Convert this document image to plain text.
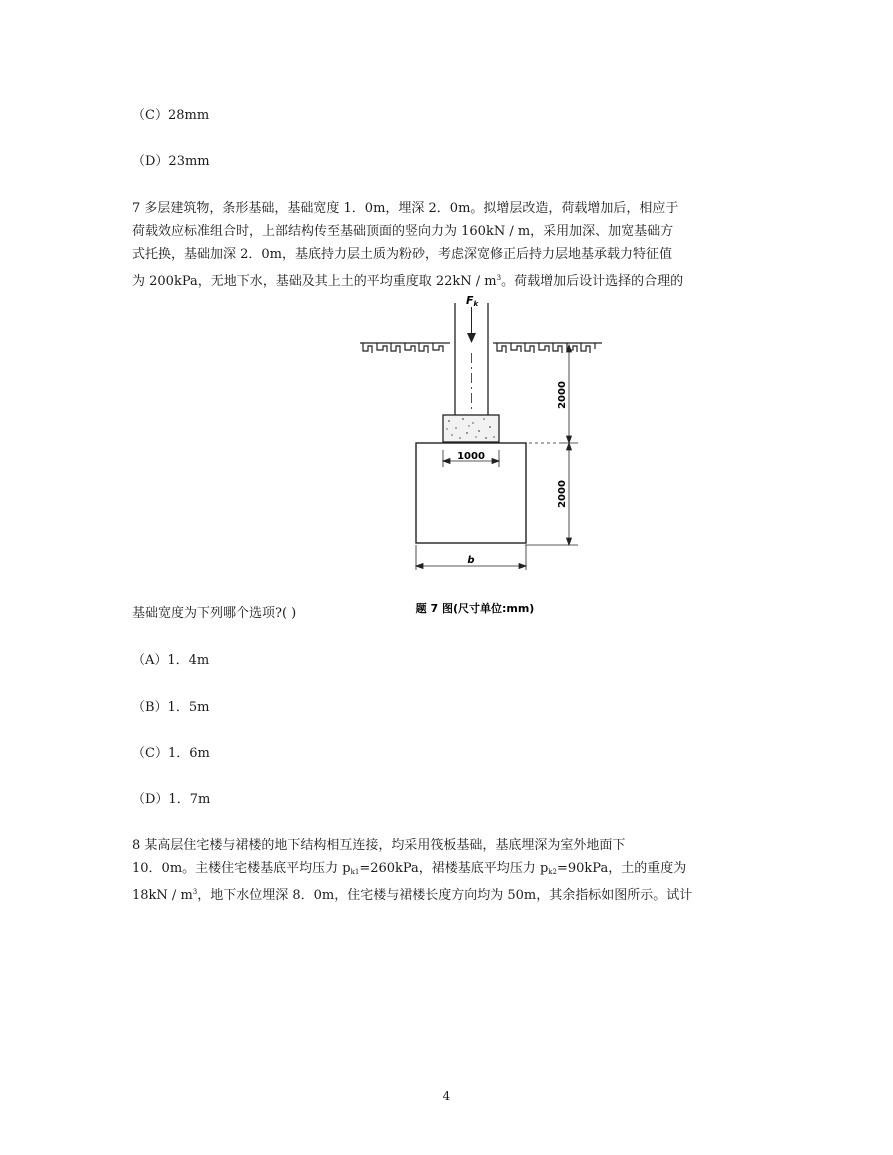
（C）28mm
（D）23mm
7 多层建筑物，条形基础，基础宽度 1．0m，埋深 2．0m。拟增层改造，荷载增加后，相应于
荷载效应标准组合时，上部结构传至基础顶面的竖向力为 160kN / m，采用加深、加宽基础方
式托换，基础加深 2．0m，基底持力层土质为粉砂，考虑深宽修正后持力层地基承载力特征值
为 200kPa，无地下水，基础及其上土的平均重度取 $22kN / m^3$。荷载增加后设计选择的合理的
Fk
1000
b
2000
2000
题 7 图(尺寸单位:mm)
基础宽度为下列哪个选项?( )
（A）1．4m
（B）1．5m
（C）1．6m
（D）1．7m
8 某高层住宅楼与裙楼的地下结构相互连接，均采用筏板基础，基底埋深为室外地面下
10．0m。主楼住宅楼基底平均压力 $p_{k1}=260kPa$，裙楼基底平均压力 $p_{k2}=90kPa$，土的重度为
$18kN / m^3$，地下水位埋深 8．0m，住宅楼与裙楼长度方向均为 50m，其余指标如图所示。试计
4
